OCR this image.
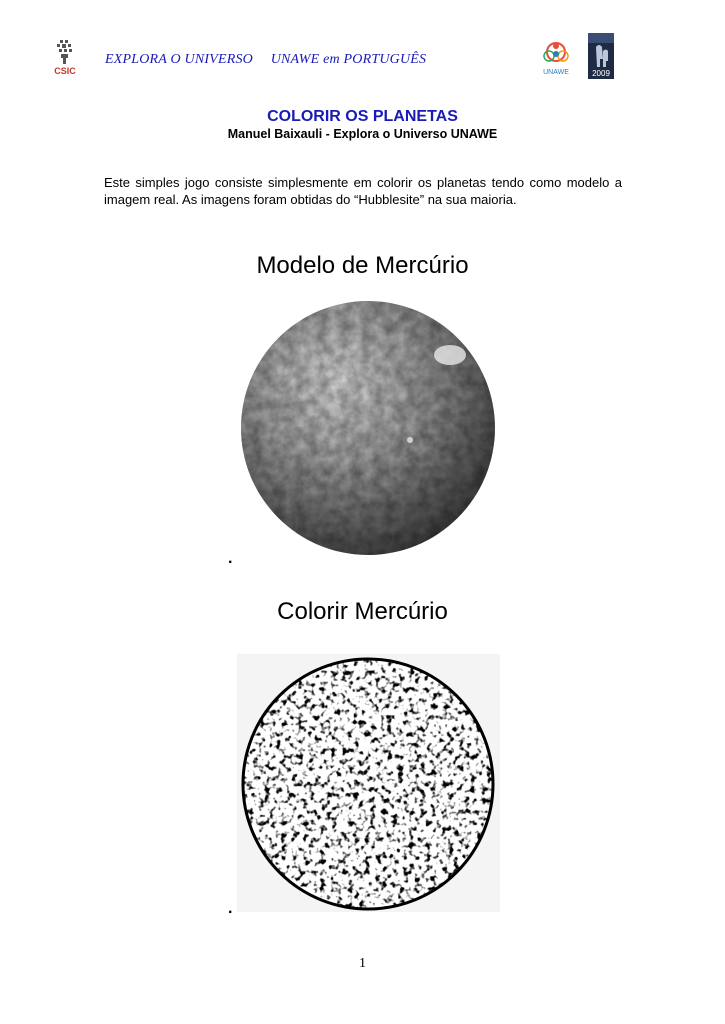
CSIC
EXPLORA O UNIVERSO UNAWE em PORTUGUÊS
UNAWE	2009
COLORIR OS PLANETAS
Manuel Baixauli - Explora o Universo UNAWE
Este simples jogo consiste simplesmente em colorir os planetas tendo como modelo a imagem real. As imagens foram obtidas do “Hubblesite” na sua maioria.
Modelo de Mercúrio
.
Colorir Mercúrio
.
1
